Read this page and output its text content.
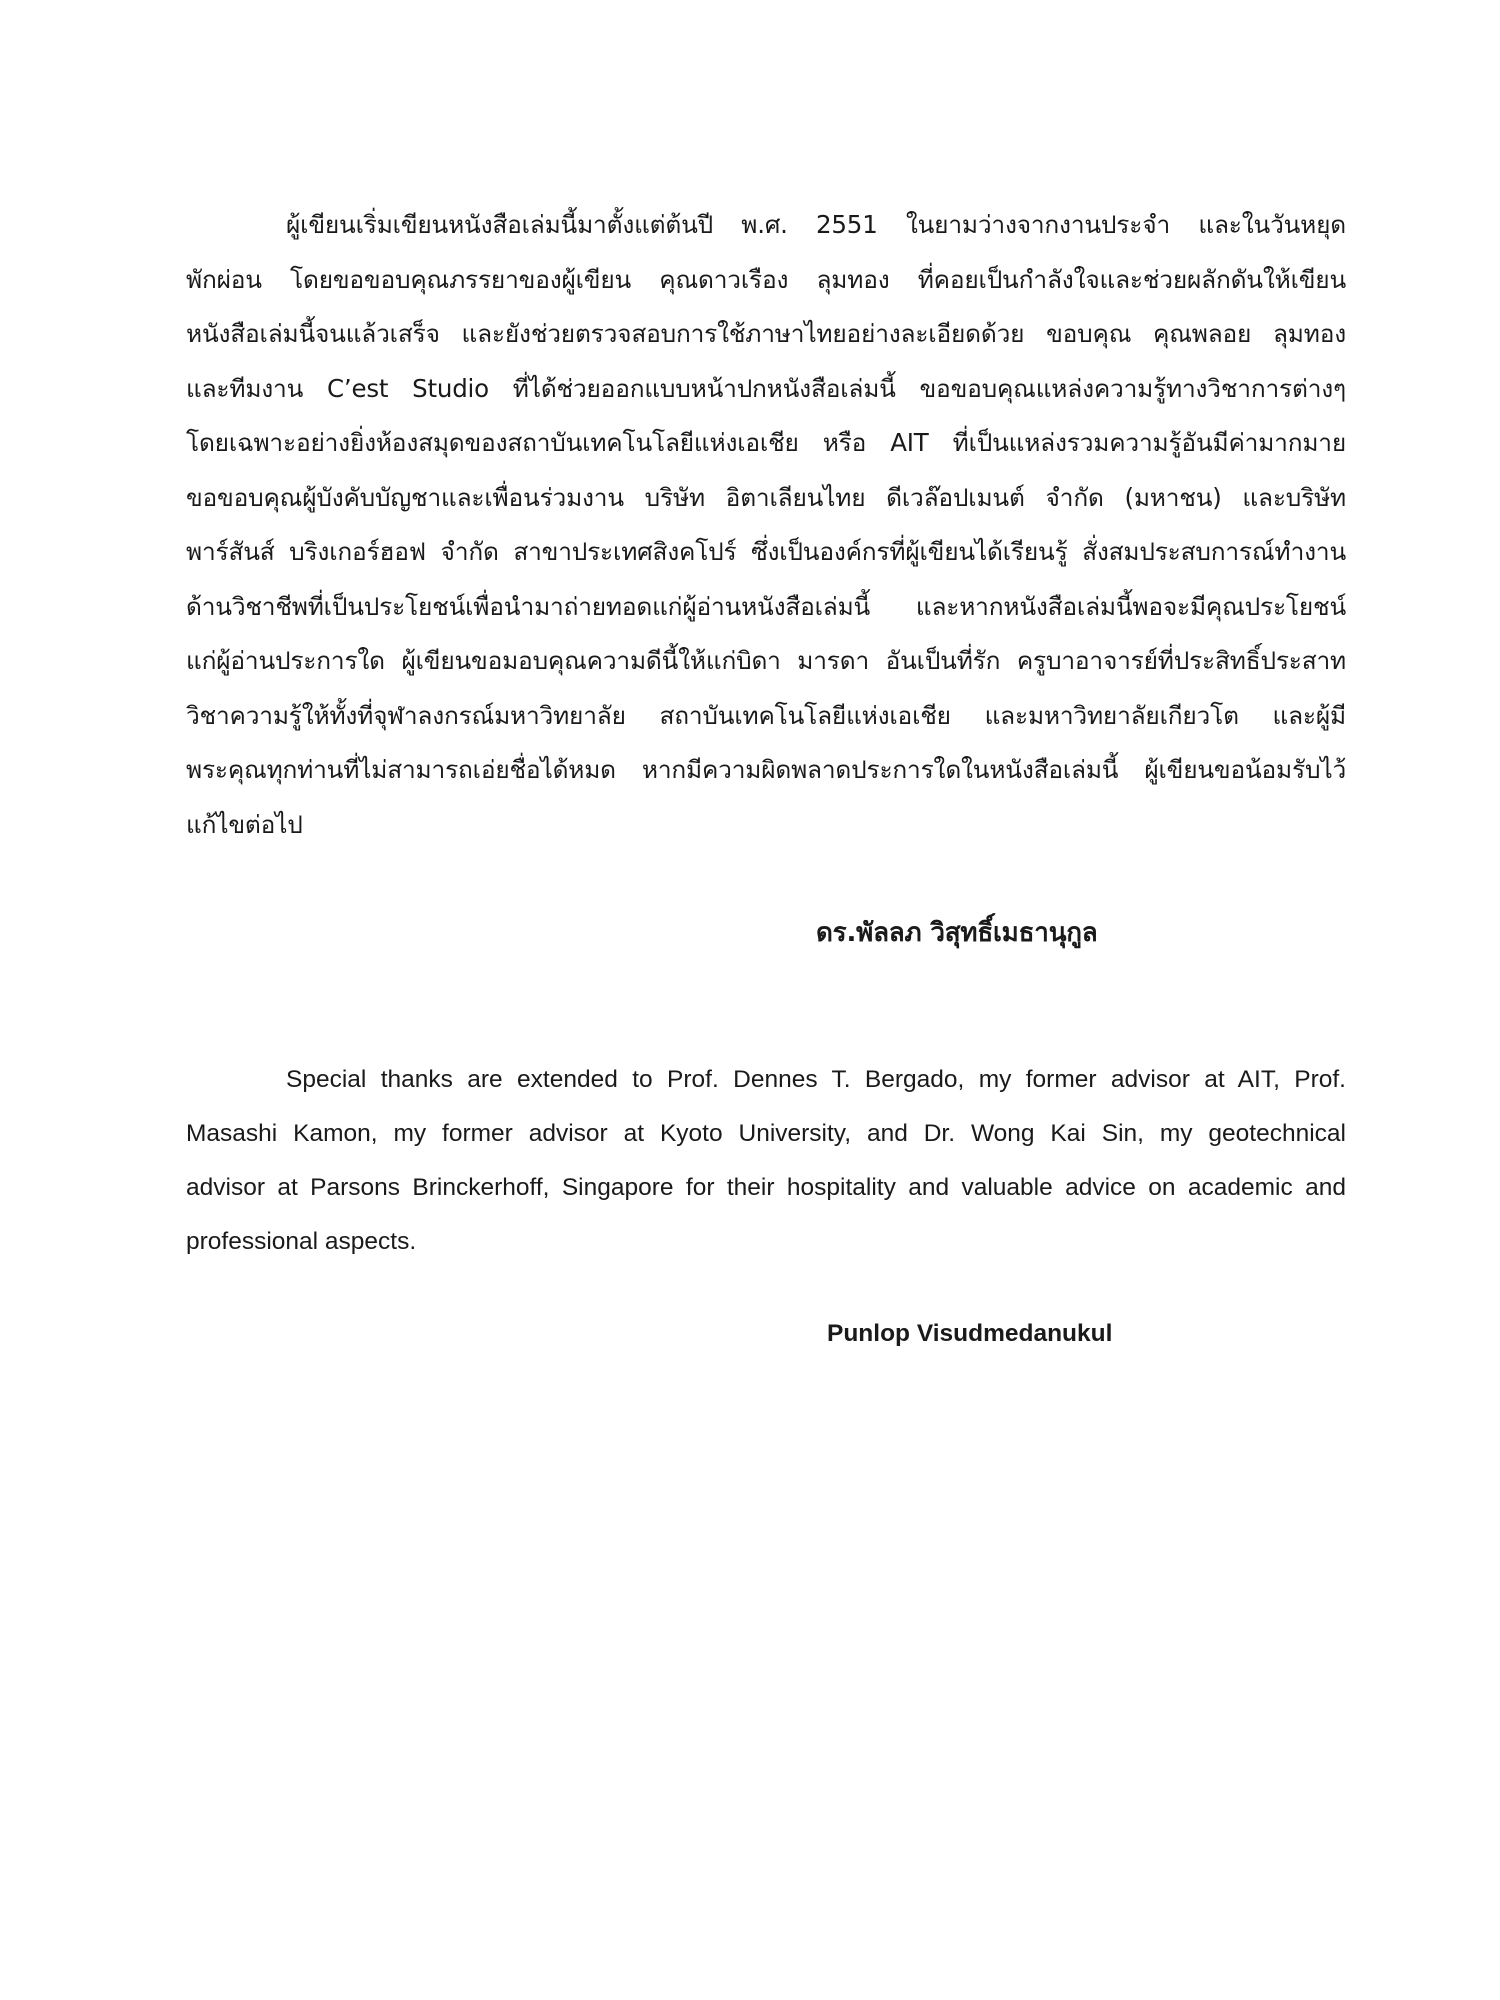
ผู้เขียนเริ่มเขียนหนังสือเล่มนี้มาตั้งแต่ต้นปี พ.ศ. 2551 ในยามว่างจากงานประจำ และในวันหยุด
พักผ่อน โดยขอขอบคุณภรรยาของผู้เขียน คุณดาวเรือง ลุมทอง ที่คอยเป็นกำลังใจและช่วยผลักดันให้เขียน
หนังสือเล่มนี้จนแล้วเสร็จ และยังช่วยตรวจสอบการใช้ภาษาไทยอย่างละเอียดด้วย ขอบคุณ คุณพลอย ลุมทอง
และทีมงาน C’est Studio ที่ได้ช่วยออกแบบหน้าปกหนังสือเล่มนี้ ขอขอบคุณแหล่งความรู้ทางวิชาการต่างๆ
โดยเฉพาะอย่างยิ่งห้องสมุดของสถาบันเทคโนโลยีแห่งเอเชีย หรือ AIT ที่เป็นแหล่งรวมความรู้อันมีค่ามากมาย
ขอขอบคุณผู้บังคับบัญชาและเพื่อนร่วมงาน บริษัท อิตาเลียนไทย ดีเวล๊อปเมนต์ จำกัด (มหาชน) และบริษัท
พาร์สันส์ บริงเกอร์ฮอฟ จำกัด สาขาประเทศสิงคโปร์ ซึ่งเป็นองค์กรที่ผู้เขียนได้เรียนรู้ สั่งสมประสบการณ์ทำงาน
ด้านวิชาชีพที่เป็นประโยชน์เพื่อนำมาถ่ายทอดแก่ผู้อ่านหนังสือเล่มนี้ และหากหนังสือเล่มนี้พอจะมีคุณประโยชน์
แก่ผู้อ่านประการใด ผู้เขียนขอมอบคุณความดีนี้ให้แก่บิดา มารดา อันเป็นที่รัก ครูบาอาจารย์ที่ประสิทธิ์ประสาท
วิชาความรู้ให้ทั้งที่จุฬาลงกรณ์มหาวิทยาลัย สถาบันเทคโนโลยีแห่งเอเชีย และมหาวิทยาลัยเกียวโต และผู้มี
พระคุณทุกท่านที่ไม่สามารถเอ่ยชื่อได้หมด หากมีความผิดพลาดประการใดในหนังสือเล่มนี้ ผู้เขียนขอน้อมรับไว้
แก้ไขต่อไป
ดร.พัลลภ วิสุทธิ์เมธานุกูล
Special thanks are extended to Prof. Dennes T. Bergado, my former advisor at AIT, Prof.
Masashi Kamon, my former advisor at Kyoto University, and Dr. Wong Kai Sin, my geotechnical
advisor at Parsons Brinckerhoff, Singapore for their hospitality and valuable advice on academic and
professional aspects.
Punlop Visudmedanukul
